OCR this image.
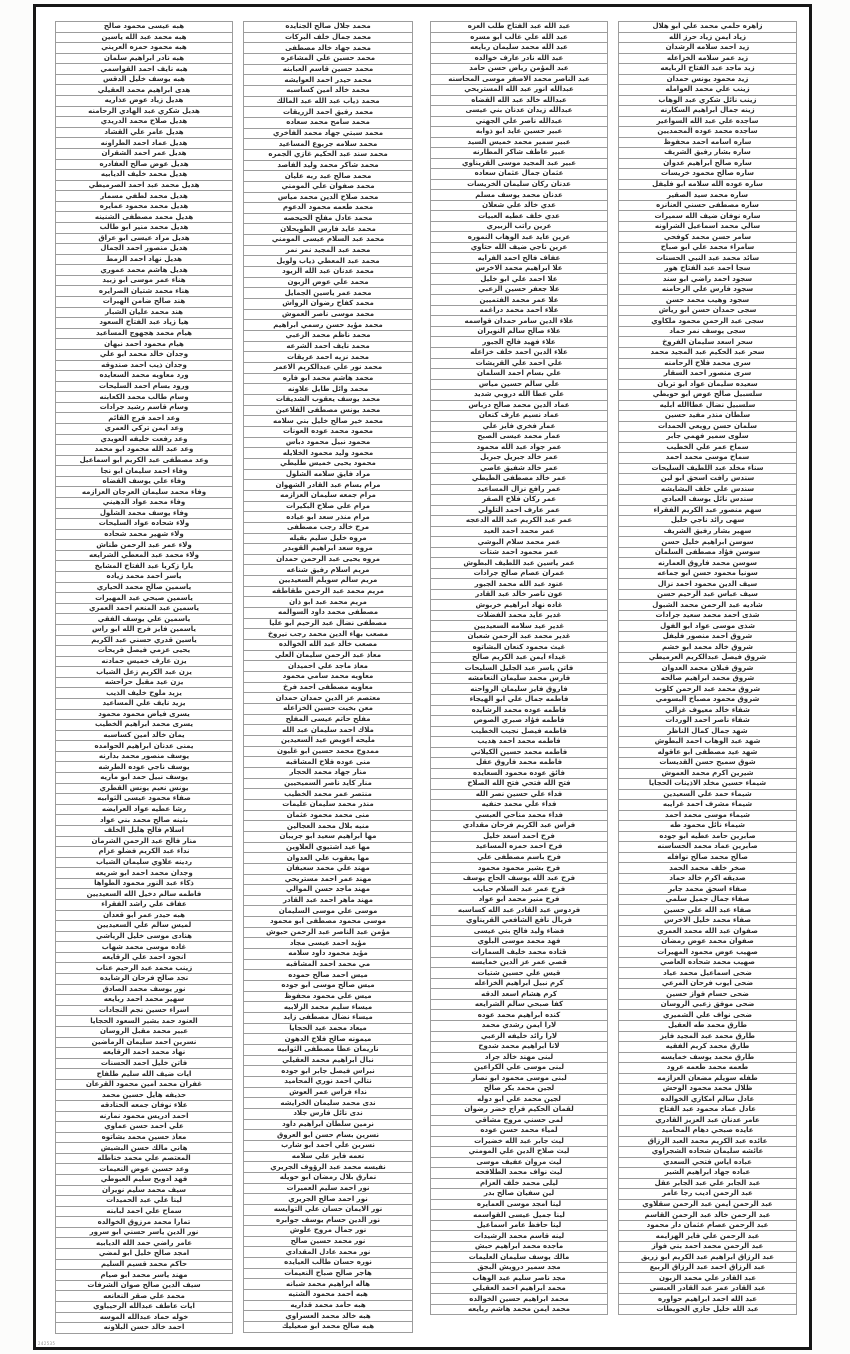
هبه عيسى محمود صالح
هبه محمد عبد الله ياسين
هبه محمود حمزه العريني
هبه نادر ابراهيم سلمان
هبه نايف احمد القواسمي
هبه يوسف خليل الدقس
هدى ابراهيم محمد العقيلي
هديل زياد عوض عذاريه
هديل شكري عبد الهادي الرحامنه
هديل صلاح محمد الدريدي
هديل عامر علي القشاد
هديل عماد احمد الطراونه
هديل عمر احمد الشقران
هديل عوض صالح العفادره
هديل محمد خليف الديابيه
هديل محمد عبد احمد الصرميطي
هديل محمد لطفي مسمار
هديل محمد محمود عمايره
هديل محمد مصطفى الشنينه
هديل محمد منير ابو طالب
هديل مراد عيسى ابو عراق
هديل منصور احمد الجمال
هديل نهاد احمد الزمط
هديل هاشم محمد عموري
هناء عمر موسى ابو زبيد
هناء محمد شتيان الصرايره
هند صالح ضامن الهيرات
هند محمد عليان الشبار
هيا زياد عبد الفتاح السعود
هيام محمد هجهوج المساعيد
هيام محمود احمد نبهان
وجدان خالد محمد ابو علي
وجدان ذيب احمد صندوقه
ورد معاويه محمد السعايده
ورود بسام احمد السليحات
وسام طالب محمد الكعابنه
وسام قاسم رشيد جرادات
وعد احمد فرج القائم
وعد ايمن تركي العمري
وعد رفعت خليفه العويدي
وعد عبد الله محمود ابو محمد
وعد مصطفى عبد الكريم ابو اسماعيل
وفاء احمد سليمان ابو نجا
وفاء علي يوسف القضاه
وفاء محمد سليمان العرجان العزازمه
وفاء محمد عواد الدهيني
وفاء يوسف محمد الشلول
ولاء شحاده عواد السليحات
ولاء شهير محمد شحاده
ولاء عمر عبد الرحمن طناش
ولاء محمد عبد المعطي الشرايعه
يارا زكريا عبد الفتاح المشايخ
ياسر احمد محمد زياده
ياسمين صالح محمد الحياري
ياسمين صبحي عبد المهيرات
ياسمين عبد المنعم احمد العمري
ياسمين علي يوسف الفقي
ياسمين فايز فرج الله ابو راس
ياسين قدري حسني عبد الكريم
يحيى عزمي فيصل فريحات
يزن عارف خميس حمادنه
يزن عبد الكريم زعل الشياب
يزن عيد مقبل حراحشه
يزيد ملوح خليف الذيب
يزيد نايف علي المساعيد
يسرى فياض محمود محمود
يسرى محمد ابراهيم الخطيب
يمان خالد امين كساسبه
يمنى عدنان ابراهيم الحوامده
يوسف منصور محمد بدارنه
يوسف ناجي عوده الطرشه
يوسف نبيل حمد ابو ماريه
يونس نعيم يونس القطري
صفاء محمود عيسى الثوابيه
رشا عطيه عواد العرايضه
بثينه صالح محمد بني عواد
اسلام فالح هليل الخلف
منار فالح عبد الرحمن الشرمان
نداء عبد الكريم فضلو عزام
ردينه علاوي سليمان الشياب
وجدان محمد احمد ابو شريعه
ذكاء عبد النور محمود الطواها
فاطمه سالم دخيل الله السعيديين
عفاف علي راشد الفقراء
هبه حيدر عمر ابو قعدان
لميس سالم علي السعيديين
هنادى موسى خليل الرياشي
غاده موسى محمد شهاب
انجود احمد علي الرقايعه
زينب محمد عبد الرحيم عناب
نجد صالح فرحان الرشايده
نور يوسف محمد الصادق
سهير محمد احمد ربايعه
اسراء حسين نجم النجادات
العنود حمد بشير السعود الحجايا
عبير محمد مقبل الروسان
نسرين احمد سليمان الرماضين
نهاد محمد احمد الرقايعه
فاتن خليل احمد الحسنات
ايات ضيف الله سليم طلفاح
غفران محمد امين محمود القرعان
حذيفه هايل حسين محمد
علاء نوفان جمعه الحنادقه
احمد ادريس محمود نمارنه
علي احمد حسن عماوي
معاذ حسين محمد بشاتوه
هاني مالك حسن البشيش
المعتصم علي محمد خناطله
وعد حسين عوض النعيمات
فهد ادويح سليم العبوطي
سيف محمد سليم نويران
لينا علي عبد الحميدات
سماح علي احمد لبابنه
تمارا محمد مرزوق الخوالده
نور الدين ياسر حسني ابو سرور
عامر راضي حمد الله الديابيه
امجد صالح خليل ابو لمضي
حاكم محمد قسيم السليم
مهند ياسر محمد ابو صيام
سيف الدين صالح صوان الشرفات
محمد علي صقر النعانعه
ايات عاطف عبدالله الرحيباوي
خوله حماد عبدالله الموسه
احمد خالد حسن البلاونه
محمد جلال صالح الجنايده
محمد جمال خلف البركات
محمد جهاد خالد مصطفى
محمد حسين علي المشاعره
محمد حسين قاسم العبابنه
محمد حيدر احمد العوايشه
محمد خالد امين كساسبه
محمد ذياب عبد الله عبد المالك
محمد رفيق احمد الزريقات
محمد سامح محمد سعاده
محمد سبتي جهاد محمد الفاخري
محمد سلامه جربوع المساعيد
محمد سند عبد الحكيم غازي الجمره
محمد شاكر محمد وليد الفاصد
محمد صالح عبد ربه عليان
محمد صفوان علي المومني
محمد صلاح الدين محمد مياس
محمد طعمه محمود الدعوم
محمد عادل مفلح الحيحصه
محمد عايد فارس الطويحلان
محمد عبد السلام عيسى المومني
محمد عبد المجيد نمر نمر
محمد عبد المعطي ذياب ولويل
محمد عدنان عبد الله الزيود
محمد علي عوض الزبون
محمد عمر ياسين الجمايل
محمد كفاح رضوان الرواش
محمد موسى ناصر العموش
محمد مؤيد حسن رسمي ابراهيم
محمد ناظم محمد الزعبي
محمد نايف احمد الشرعه
محمد نزيه احمد عريقات
محمد نور علي عبدالكريم الاعمر
محمد هاشم محمد ابو فاره
محمد وائل طايل علاونه
محمد يوسف يعقوب الشديفات
محمد يونس مصطفى الفلاعين
محمد خير صالح خليل بني سلامه
محمود محمد عوده العونات
محمود نبيل محمود دباس
محمود وليد محمود الخلايله
محمود يحيى خميس طليطي
مراد فايق سلامه الشلول
مرام بسام عبد القادر الشهوان
مرام جمعه سليمان العزازمه
مرام علي صلاح البكيرات
مرام منذر سعد ابو عياده
مرح خالد رجب مصطفى
مروه خليل سليم بقيله
مروه سعد ابراهيم القويدر
مروه يحيى عبد الرحمن حمدان
مريم اسلام رفيق شناعه
مريم سالم سويلم السعيديين
مريم محمد عبد الرحمن طقاطقه
مريم محمد عبد ابو ذان
مصطفى محمد داود السوالمه
مصطفى نضال عبد الرحيم ابو عليا
مصعب بهاء الدين محمد رجب نيروخ
مصعب خالد عبد الله الخوالده
معاذ عبد الرحمن سليمان العلي
معاذ ماجد علي احميدان
معاويه محمد سامي محمود
معاويه مصطفى احمد فرخ
معتصم عز الدين حمدان حمدان
معن بخيت حسين الخزاعله
مفلح حاتم عيسى المفلح
ملاك احمد سليمان عبد الله
مليحه اعويض عيد السعيدين
ممدوح محمد حسين ابو غليون
منى عوده فلاح المشاقبه
منار جهاد محمد الحجار
منار كايد ناصر السميحيين
منتصر عمر محمد الخطيب
منذر محمد سليمان عليمات
منى محمد محمود عثمان
منيه بلال محمد العجالين
مها ابراهيم سعيد ابو جريبان
مها عيد اشتيوي العلاوين
مها يعقوب علي العدوان
مهند علي محمد سعيفان
مهند عمر احمد مستريحي
مهند ماجد حسن الموالي
مهند ماهر احمد عبد القادر
موسى علي موسى السليمان
موسى محمود مصطفى ابو محمود
مؤمن عبد الناصر عبد الرحمن حبوش
مؤيد احمد عيسى مجاد
مؤيد محمود داود سلامه
مي محمد احمد المشاقبه
ميس احمد صالح حموده
ميس صالح موسى ابو جوده
ميس علي محمود محفوظ
ميساء سليم محمد الزلابيه
ميساء نضال مصطفى زايد
ميعاد محمد عيد الحجايا
ميمونه صالح فلاح الدهون
ناريمان عطا مصطفى الثوابيه
نبال ابراهيم محمد العقيلي
نبراس فيصل جابر ابو جوده
نتالي احمد نوري المحاميد
نداء فراس عمر العوش
ندى محمد سليمان الخرايشه
ندى نائل فارس جلاد
نرمين سلطان ابراهيم داود
نسرين بسام حسن ابو العروق
نسرين علي احمد ابو شارب
نعمه فايز علي سلامه
نفيسه محمد عبد الرؤوف الجريري
نمارق بلال رمضان ابو حويله
نور احمد سليم العميرات
نور احمد صالح الجريري
نور الايمان حسان علي التوايسه
نور الدين حسام يوسف جوابره
نور جمال مروح علوش
نور محمد حسين صالح
نور محمد عادل المقدادي
نوره حسان طالب العيايده
هاجر صالح صباح النعيمات
هاله ابراهيم محمد شبانه
هبه احمد محمود الشتيه
هبه حامد محمد قداريه
هبه خالد محمد العسراوي
هبه صالح محمد ابو صعيليك
عبد الله عبد الفتاح طلب العزه
عبد الله علي غالب ابو مسره
عبد الله محمد سليمان ربايعه
عبد الله نادر عارف خوالده
عبد المؤمن رياض حسن حامد
عبد الناصر محمد الاصفر موسى المحاسنه
عبدالله انور عبد الله المستريحي
عبدالله خالد عبد الله القضاه
عبدالله زيدان عدنان بني عيسى
عبدالله ناصر علي الجهني
عبير حسين عايد ابو ذوابه
عبير سمير محمد خميس السيد
عبير عاطف شاكر المطارنه
عبير عبد المجيد موسى القريناوي
عثمان جمال عثمان سعاده
عدنان ركان سليمان الخريسات
عدنان محمد يوسف مسلم
عدي خالد علي شعلان
عدي خلف عطيه العبيات
عرين راتب الزبيري
عرين عايد عبد الوهاب النموره
عرين ناجي ضيف الله حتاوي
عفاف فالح احمد الفرايه
علا ابراهيم محمد الاخرس
علا احمد علي ابو خليل
علا جعفر حسين الزعبي
علا عمر محمد الفتميين
علاء احمد محمد دراغمه
علاء الدين سامر حمدان قواسمه
علاء صالح سالم النويران
علاء فهيد فالح الجبور
علاء الدين احمد خلف خزاعله
علي احمد علي القريشات
علي بسام احمد السلمان
علي سالم حسين مياس
علي عطا الله دروبي شديد
عماد الدين محمد صالح درباس
عماد نسيم عارف كنعان
عمار فخري فايز علي
عمار محمد عيسى الصبح
عمر جواد عبد الله محمود
عمر خالد جبريل جبريل
عمر خالد شفيق عاصي
عمر خالد مصطفى الطيطي
عمر رافع نزال المساعيد
عمر ركان فلاح الصقر
عمر عارف احمد التلولي
عمر عبد الكريم عبد الله الدعجه
عمر محمد احمد العيد
عمر محمد سلام البوشي
عمر محمود احمد شتات
عمر ياسين عبد اللطيف البطوش
عمران عصام صالح جرادات
عنود عبد الله محمد الجبور
عون ناصر خالد عبد القادر
غاده نهاد ابراهيم خربوش
غدير عايد محمد الفضلات
غدير عيد سلامه السعيديين
غدير محمد عبد الرحمن شعبان
غيث محمود كنعان البشاتوه
غيداء ايمن عبد الكريم صالح
فاتن ياسر عبد الجليل السليحات
فارس محمد سليمان النعامشه
فاروق فايز سليمان الرواحنه
فاطمه جمال علي ابو الهيجاء
فاطمه عوده محمد الرشايده
فاطمه فؤاد صبري الصوص
فاطمه فيصل نجيب الخطيب
فاطمه محمد احمد هديب
فاطمه محمد حسين الكيلاني
فاطمه محمد فاروق عقل
فائق عوده محمود السعايده
فتح الله فتحي فتح الله الصلاح
فداء علي حسين نصر الله
فداء علي محمد حنفيه
فداء محمد مناحي العبسي
فراس عبد الكريم فرحان مقدادي
فرح احمد اسعد خليل
فرح احمد حمزه المساعيد
فرح باسم مصطفى علي
فرح بشير محمود محمود
فرح عبد الله يوسف الحاج يوسف
فرح عمر عبد السلام حبايب
فرح منير محمد ابو عواد
فردوس عبد القادر عبد الله كساسبه
فريال نافع الشافعي القريناوي
فضاء وليد فالح بني عيسى
فهد محمد موسى البلوي
قتاده محمد خليف السمارات
قصي عمر عز الدين خمايسه
قيس علي حسين شتيات
كرم نبيل ابراهيم الخزاعله
كرم هشام اسعد الدقه
كفا صبحي سالم الشرايعه
كنده ابراهيم محمد عوده
لارا ايمن رشدي محمد
لارا رائد خليفه الزعبي
لانا ابراهيم محمد شدوح
لبنى مهند خالد جراد
لبنى موسى علي الكراعين
لبنى موسى محمود ابو نصار
لجين محمد بكر صالح
لجين محمد علي ابو دوله
لقمان الحكيم فراج خضر رضوان
لمى حسني مروح مشاقي
لمياء محمد حسن عوده
ليث جابر عبد الله خضيرات
ليث صلاح الدين علي المومني
ليث مروان عفيف موسى
ليث نواف محمد الطلافحه
ليلى محمد خلف العزام
لين سفيان صالح بدر
لينا امجد موسى العمايره
لينا جميل عيسى القواسمه
لينا حافظ عامر اسماعيل
لينه قاسم محمد الرشيدات
ماجده محمد ابراهيم حبش
مالك يوسف سليمان العليمات
مجد سمير درويش البجق
مجد ناصر سليم عبد الوهاب
محمد ابراهيم احمد العقيلي
محمد ابراهيم حسين الخوالده
محمد ايمن محمد هاشم ربايعه
زاهره حلمي محمد علي ابو هلال
زياد ايمن زياد حرز الله
زيد احمد سلامه الرشدان
زيد عمر سلامه الخزاعله
زيد ماجد عبد الفتاح الربايعه
زيد محمود يونس حمدان
زينب علي محمد العوامله
زينب نائل شكري عبد الوهاب
زينه جمال ابراهيم السكارنه
ساجده علي عبد الله السواعير
ساجده محمد عوده المحمديين
ساره اسامه احمد محفوظ
ساره بشار رفيق الشريف
ساره صالح ابراهيم عدوان
ساره صالح محمود خريسات
ساره عوده الله سلامه ابو فليفل
ساره محمد سيد الصقير
ساره مصطفى حسني العنانزه
ساره نوفان ضيف الله سميرات
سالي محمد اسماعيل الشراونه
سامر حسن محمد كوفحي
سامراء محمد علي ابو صباح
سائد محمد عبد النبي الحسنات
سجا احمد عبد الفتاح هور
سجود احمد راضي ابو سند
سجود فارس علي الرحامنه
سجود وهيب محمد حسن
سجى حمدان حسن ابو رياش
سجى عبد الرحمن محمود ملكاوي
سجى يوسف نمر حماد
سحر اسعد سليمان الفروخ
سحر عبد الحكيم عبد المجيد محمد
سرى محمد فلاح الرحامنه
سرى منصور احمد السقار
سعيده سليمان عواد ابو تريان
سلسبيل صالح عوض ابو حويطي
سلسبيل نضال عطاالله ابليه
سلطان منذر مفيد حسين
سلمان حسن رويعي الحمدات
سلوى سمير فهمي جابر
سماح عمر علي الخطيب
سماح موسى محمد احمد
سناء مخلد عبد اللطيف السليحات
سندس رافت اسحق ابو لبن
سندس علي خلف البشايشه
سندس نائل يوسف العبادي
سهم منصور عبد الكريم الفقراء
سهى رائد ناجي خليل
سهير بشار رفيق الشريف
سوسن ابراهيم خليل حسن
سوسن فؤاد مصطفى السلمان
سوسن محمد فاروق العمارنه
سونيا محمود حسن ابو جماعه
سيف الدين محمود احمد نزال
سيف عباس عبد الرحيم حسن
شاديه عبد الرحمن محمد الشبول
شذى احمد محمد سعيد جرادات
شذى موسى عواد ابو الفول
شروق احمد منصور فليفل
شروق خالد محمد ابو خشم
شروق فيصل عبدالكريم العرميطي
شروق قبلان محمد العدوان
شروق محمد ابراهيم صالحه
شروق محمد عبد الرحمن كلوب
شروق محمود مصباح البسومي
شفاء خالد معيوف غزالي
شفاء ناصر احمد الوردات
شهد جمال كمال الناظر
شهد عبد الوهاب احمد البطوش
شهد عيد مصطفى ابو عاقوله
شوق سميح حسن القديسات
شيرين اكرم محمد العموش
شيماء حسين مخلد الاذينات الحجايا
شيماء حمد علي السعيدين
شيماء مشرف احمد غرايبه
شيماء موسى محمد احمد
شيماء نائل محمود طه
صابرين حامد عطيه ابو جوده
صابرين عماد محمد الحساسنه
صالح محمد صالح نوافله
صخر خلف محمد الحمد
صديقه اكرم خالد حماد
صفاء اسحق محمد جابر
صفاء جمال جميل سلمي
صفاء عبد الله علي حسين
صفاء محمد خليل الاخرس
صفوان عبد الله محمد العمري
صفوان محمد عوض رمضان
صهيب عوض محمود المهيرات
صهيب محمد شحاده العاصي
ضحى اسماعيل محمد عياد
ضحى ايوب فرحان المرعي
ضحى حسام فواز حسين
ضحى موفق زعبي الروسان
ضحى نواف علي الشميري
طارق محمد طه العقيل
طارق محمد عبد المجيد فايز
طارق محمد كريم الفقيه
طارق محمد يوسف خمايسه
طعمه محمد طعمه عرود
طفله سويلم مضعان العزازمه
ظلال محمد محمود الوحش
عادل سالم امكازي الخوالده
عادل عماد محمود عبد الفتاح
عامر عدنان عبد العزيز القادري
عايده صبحي دهام المحاميد
عائده عبد الكريم محمد العبد الرزاق
عائشه سليمان شحاده الشجراوي
عباده اياس فتحي السعدي
عباده جهاد ابراهيم الشير
عبد الجابر علي عبد الجابر عقل
عبد الرحمن اديب رجا عامر
عبد الرحمن ايمن عبد الرحمن سقلاوي
عبد الرحمن خالد عبد الرحمن القاسم
عبد الرحمن عصام عثمان دار محمود
عبد الرحمن علي فايز الهزايمه
عبد الرحمن محمد احمد بني فواز
عبد الرزاق ابراهيم عبد الكريم ابو زريق
عبد الرزاق احمد عبد الرزاق الربيع
عبد القادر علي محمد الزبون
عبد القادر عمر عبد القادر العبسي
عبد الله احمد ابراهيم حواوره
عبد الله خليل جازي الحويطات
242535
